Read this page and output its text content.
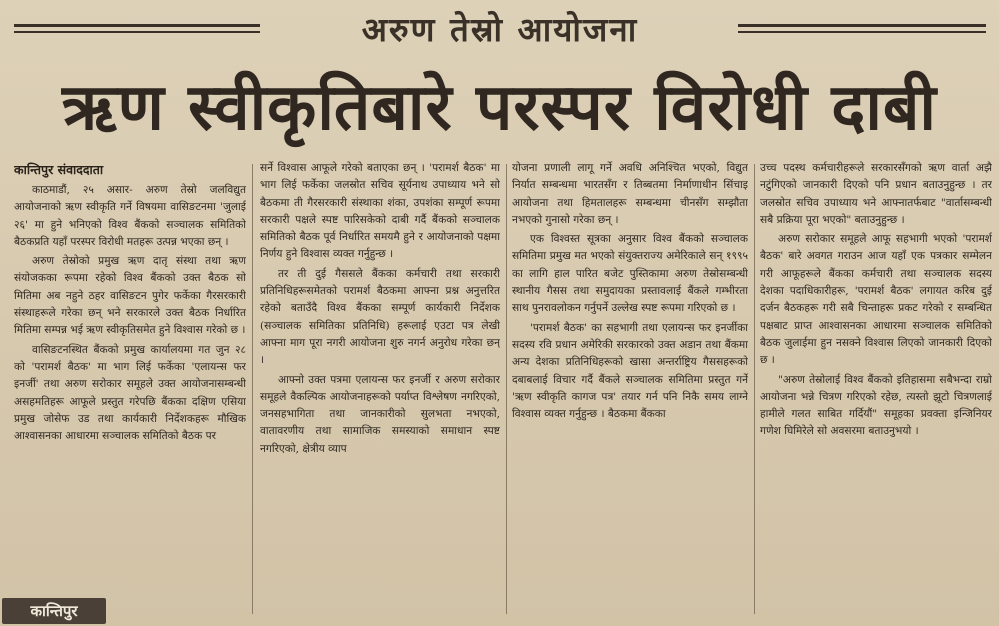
अरुण तेस्रो आयोजना
ऋण स्वीकृतिबारे परस्पर विरोधी दाबी
कान्तिपुर संवाददाता

काठमाडौं, २५ असार- अरुण तेस्रो जलविद्युत आयोजनाको ऋण स्वीकृति गर्ने विषयमा वासिङटनमा 'जुलाई २६' मा हुने भनिएको विश्व बैंकको सञ्चालक समितिको बैठकप्रति यहाँ परस्पर विरोधी मतहरू उत्पन्न भएका छन् ।

अरुण तेस्रोको प्रमुख ऋण दातृ संस्था तथा ऋण संयोजकका रूपमा रहेको विश्व बैंकको उक्त बैठक सो मितिमा अब नहुने ठहर वासिङटन पुगेर फर्केका गैरसरकारी संस्थाहरूले गरेका छन् भने सरकारले उक्त बैठक निर्धारित मितिमा सम्पन्न भई ऋण स्वीकृतिसमेत हुने विश्वास गरेको छ ।

वासिङटनस्थित बैंकको प्रमुख कार्यालयमा गत जुन २८ को 'परामर्श बैठक' मा भाग लिई फर्केका 'एलायन्स फर इनर्जी' तथा अरुण सरोकार समूहले उक्त आयोजनासम्बन्धी असहमतिहरू आफूले प्रस्तुत गरेपछि बैंकका दक्षिण एसिया प्रमुख जोसेफ उड तथा कार्यकारी निर्देशकहरू मौखिक आश्वासनका आधारमा सञ्चालक समितिको बैठक पर

सर्ने विश्वास आफूले गरेको बताएका छन् । 'परामर्श बैठक' मा भाग लिई फर्केका जलस्रोत सचिव सूर्यनाथ उपाध्याय भने सो बैठकमा ती गैरसरकारी संस्थाका शंका, उपशंका सम्पूर्ण रूपमा सरकारी पक्षले स्पष्ट पारिसकेको दाबी गर्दै बैंकको सञ्चालक समितिको बैठक पूर्व निर्धारित समयमै हुने र आयोजनाको पक्षमा निर्णय हुने विश्वास व्यक्त गर्नुहुन्छ ।

तर ती दुई गैससले बैंकका कर्मचारी तथा सरकारी प्रतिनिधिहरूसमेतको परामर्श बैठकमा आफ्ना प्रश्न अनुत्तरित रहेको बताउँदै विश्व बैंकका सम्पूर्ण कार्यकारी निर्देशक (सञ्चालक समितिका प्रतिनिधि) हरूलाई एउटा पत्र लेखी आफ्ना माग पूरा नगरी आयोजना शुरु नगर्न अनुरोध गरेका छन् ।

आफ्नो उक्त पत्रमा एलायन्स फर इनर्जी र अरुण सरोकार समूहले वैकल्पिक आयोजनाहरूको पर्याप्त विश्लेषण नगरिएको, जनसहभागिता तथा जानकारीको सुलभता नभएको, वातावरणीय तथा सामाजिक समस्याको समाधान स्पष्ट नगरिएको, क्षेत्रीय व्याप

योजना प्रणाली लागू गर्ने अवधि अनिश्चित भएको, विद्युत निर्यात सम्बन्धमा भारतसँग र तिब्बतमा निर्माणाधीन सिंचाइ आयोजना तथा हिमतालहरू सम्बन्धमा चीनसँग सम्झौता नभएको गुनासो गरेका छन् ।

एक विश्वस्त सूत्रका अनुसार विश्व बैंकको सञ्चालक समितिमा प्रमुख मत भएको संयुक्तराज्य अमेरिकाले सन् १९९५ का लागि हाल पारित बजेट पुस्तिकामा अरुण तेस्रोसम्बन्धी स्थानीय गैसस तथा समुदायका प्रस्तावलाई बैंकले गम्भीरता साथ पुनरावलोकन गर्नुपर्ने उल्लेख स्पष्ट रूपमा गरिएको छ ।

'परामर्श बैठक' का सहभागी तथा एलायन्स फर इनर्जीका सदस्य रवि प्रधान अमेरिकी सरकारको उक्त अडान तथा बैंकमा अन्य देशका प्रतिनिधिहरूको खासा अन्तर्राष्ट्रिय गैससहरूको दबाबलाई विचार गर्दै बैंकले सञ्चालक समितिमा प्रस्तुत गर्ने 'ऋण स्वीकृति कागज पत्र' तयार गर्न पनि निकै समय लाग्ने विश्वास व्यक्त गर्नुहुन्छ । बैठकमा बैंकका

उच्च पदस्थ कर्मचारीहरूले सरकारसँगको ऋण वार्ता अझै नटुंगिएको जानकारी दिएको पनि प्रधान बताउनुहुन्छ । तर जलस्रोत सचिव उपाध्याय भने आफ्नातर्फबाट "वार्तासम्बन्धी सबै प्रक्रिया पूरा भएको" बताउनुहुन्छ ।

अरुण सरोकार समूहले आफू सहभागी भएको 'परामर्श बैठक' बारे अवगत गराउन आज यहाँ एक पत्रकार सम्मेलन गरी आफूहरूले बैंकका कर्मचारी तथा सञ्चालक सदस्य देशका पदाधिकारीहरू, 'परामर्श बैठक' लगायत करिब दुई दर्जन बैठकहरू गरी सबै चिन्ताहरू प्रकट गरेको र सम्बन्धित पक्षबाट प्राप्त आश्वासनका आधारमा सञ्चालक समितिको बैठक जुलाईमा हुन नसक्ने विश्वास लिएको जानकारी दिएको छ ।

"अरुण तेस्रोलाई विश्व बैंकको इतिहासमा सबैभन्दा राम्रो आयोजना भन्ने चित्रण गरिएको रहेछ, त्यस्तो झूटो चित्रणलाई हामीले गलत साबित गर्दियौं" समूहका प्रवक्ता इन्जिनियर गणेश घिमिरेले सो अवसरमा बताउनुभयो ।

कान्तिपुर
